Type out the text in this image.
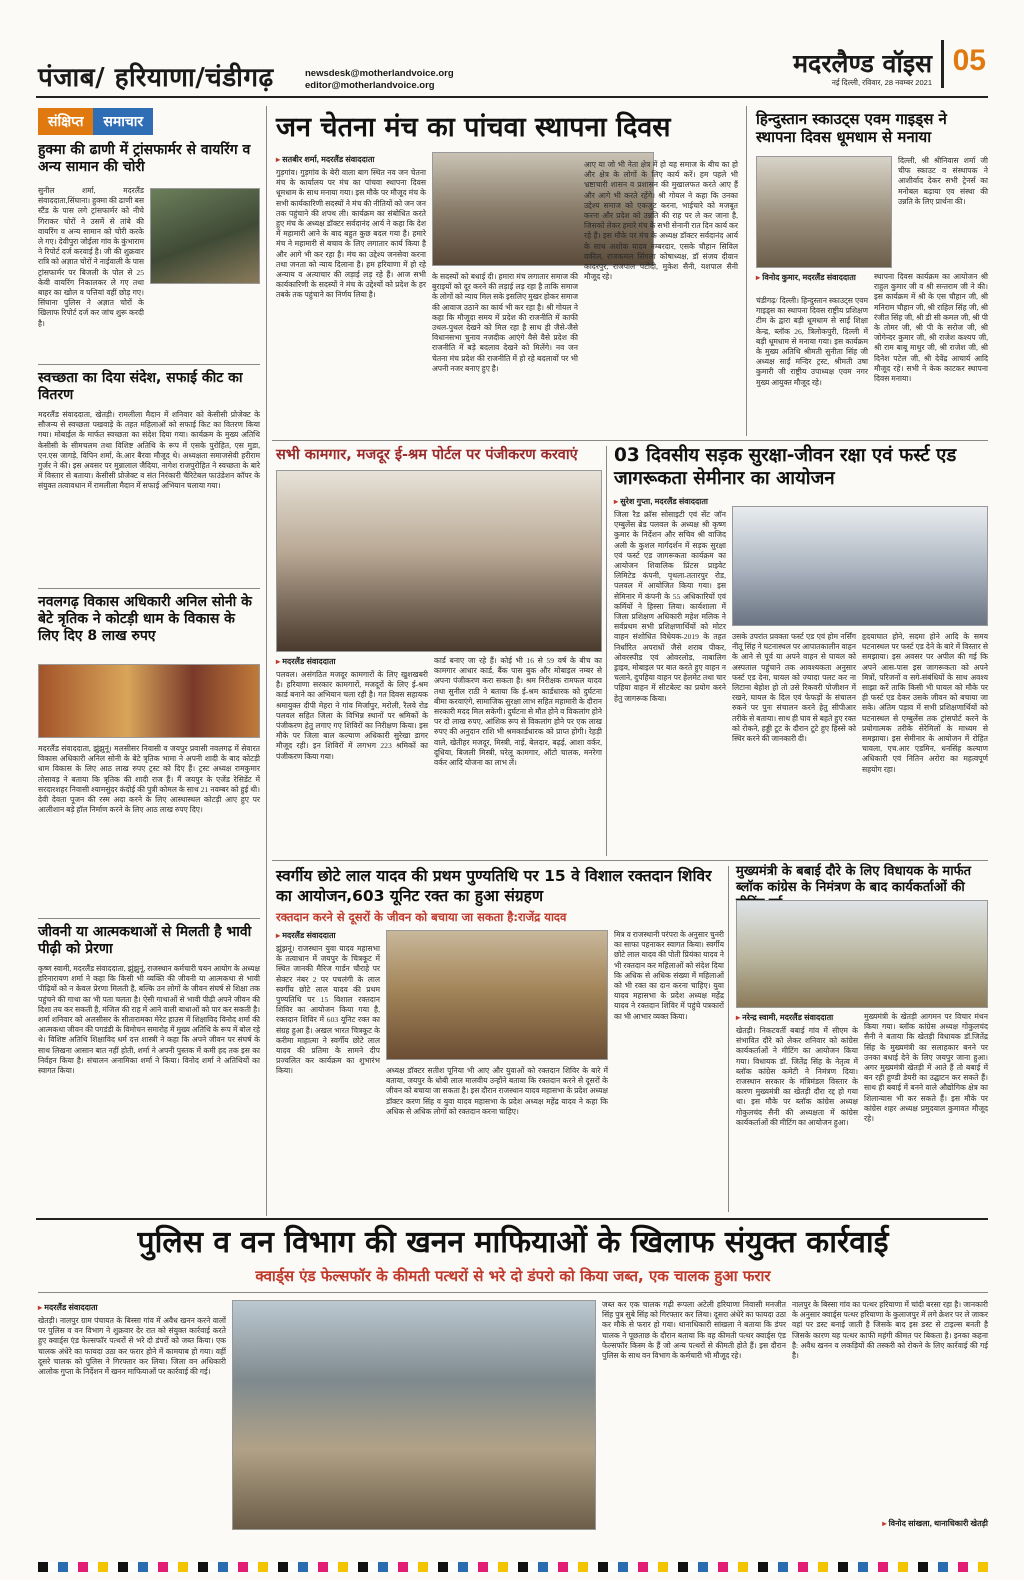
पंजाब/ हरियाणा/चंडीगढ़	newsdesk@motherlandvoice.org
editor@motherlandvoice.org
मदरलैण्ड वॉइस
नई दिल्ली, रविवार, 28 नवम्बर 2021
05
संक्षिप्त	समाचार
हुक्मा की ढाणी में ट्रांसफार्मर से वायरिंग व अन्य सामान की चोरी
सुनील शर्मा, मदरलैंड संवाददाता,सिंघाना। हुक्मा की ढाणी बस स्टैंड के पास लगे ट्रांसफार्मर को नीचे गिराकर चोरों ने उसमें से तांबे की वायरिंग व अन्य सामान को चोरी करके ले गए। देवीपुरा जोईला गांव के कुंभाराम ने रिपोर्ट दर्ज करवाई है। जी की शुक्रवार रात्रि को अज्ञात चोरों ने नाईवाली के पास ट्रांसफार्मर पर बिजली के पोल से 25 केवी वायरिंग निकालकर ले गए तथा बाहर का खोल व पत्तियां वहीं छोड़ गए। सिंघाना पुलिस ने अज्ञात चोरों के खिलाफ रिपोर्ट दर्ज कर जांच शुरू करदी है।
स्वच्छता का दिया संदेश, सफाई कीट का वितरण
मदरलैंड संवाददाता, खेतड़ी। रामलीला मैदान में शनिवार को केसीसी प्रोजेक्ट के सौजन्य से स्वच्छता पखवाड़े के तहत महिलाओं को सफाई किट का वितरण किया गया। मोबाईल के मार्फत स्वच्छता का संदेश दिया गया। कार्यक्रम के मुख्य अतिथि केसीसी के सीमचलम तथा विशिष्ट अतिथि के रूप में एसके पुरोहित, एस मुडा, एन.एस जागड़े, विपिन शर्मा, के.आर बैरवा मौजूद थे। अध्यक्षता समाजसेवी हरीराम गुर्जर ने की। इस अवसर पर मुन्नालाल जैदिया, नागेश राजपुरोहित ने स्वच्छता के बारे में विस्तार से बताया। केसीसी प्रोजेक्ट व संत निरंकारी चैरिटेबल फाउंडेशन कॉपर के संयुक्त तत्वावधान में रामलीला मैदान में सफाई अभियान चलाया गया।
नवलगढ़ विकास अधिकारी अनिल सोनी के बेटे त्रृतिक ने कोटड़ी धाम के विकास के लिए दिए 8 लाख रुपए
मदरलैंड संवाददाता, झुंझुनूं। मलसीसर निवासी व जयपुर प्रवासी नवलगढ़ में सेवारत विकास अधिकारी अनिल सोनी के बेटे त्रृतिक भामा ने अपनी शादी के बाद कोटड़ी धाम विकास के लिए आठ लाख रुपए ट्रस्ट को दिए हैं। ट्रस्ट अध्यक्ष रामकुमार तोसावड़ ने बताया कि त्रृतिक की शादी राज हैं। मैं जयपुर के एजेंड रेसिडेंट में सरदारशहर निवासी श्यामसुंदर कंदोई की पुत्री कोमल के साथ 21 नवम्बर को हुई थी। देवी देवता पूजन की रस्म अदा करने के लिए आस्थास्थल कोटड़ी आए हुए पर आलीशान बड़े हॉल निर्माण करने के लिए आठ लाख रुपए दिए।
जीवनी या आत्मकथाओं से मिलती है भावी पीढ़ी को प्रेरणा
कृष्ण स्वामी, मदरलैंड संवाददाता, झुंझुनूं, राजस्थान कर्मचारी चयन आयोग के अध्यक्ष हरिनारायण शर्मा ने कहा कि किसी भी व्यक्ति की जीवनी या आत्मकथा से भावी पीढ़ियों को न केवल प्रेरणा मिलती है, बल्कि उन लोगों के जीवन संघर्ष से शिक्षा तक पहुंचने की गाथा का भी पता चलता है। ऐसी गाथाओं से भावी पीढ़ी अपने जीवन की दिशा तय कर सकती है, मंजिल की राह में आने वाली बाधाओं को पार कर सकती है। शर्मा शनिवार को अलसीसर के सीतारामका मेरेट हाउस में शिक्षाविद विनोद शर्मा की आत्मकथा जीवन की पगडंडी के विमोचन समारोह में मुख्य अतिथि के रूप में बोल रहे थे। विशिष्ट अतिथि शिक्षाविद धर्म दत्त शास्त्री ने कहा कि अपने जीवन पर संघर्ष के साथ लिखना आसान बात नहीं होती, शर्मा ने अपनी पुस्तक में कमी हद तक इस का निर्वहन किया है। संचालन अनामिका शर्मा ने किया। विनोद शर्मा ने अतिथियों का स्वागत किया।
जन चेतना मंच का पांचवा स्थापना दिवस
▸ सतबीर शर्मा, मदरलैंड संवाददाता
गुड़गांव। गुड़गांव के बेरी वाला बाग स्थित नव जन चेतना मंच के कार्यालय पर मंच का पांचवा स्थापना दिवस धूमधाम के साथ मनाया गया। इस मौके पर मौजूद मंच के सभी कार्यकारिणी सदस्यों ने मंच की नीतियों को जन जन तक पहुंचाने की शपथ ली। कार्यक्रम का संबोधित करते हुए मंच के अध्यक्ष डॉक्टर सर्वदानंद आर्य ने कहा कि देश में महामारी आने के बाद बहुत कुछ बदल गया है। हमारे मंच ने महामारी से बचाव के लिए लगातार कार्य किया है और आगे भी कर रहा है। मंच का उद्देश्य जनसेवा करना तथा जनता को न्याय दिलाना है। हम हरियाणा में हो रहे अन्याय व अत्याचार की लड़ाई लड़ रहे हैं। आज सभी कार्यकारिणी के सदस्यों ने मंच के उद्देश्यों को प्रदेश के हर तबके तक पहुंचाने का निर्णय लिया है।
के सदस्यों को बधाई दी। हमारा मंच लगातार समाज की बुराइयों को दूर करने की लड़ाई लड़ रहा है ताकि समाज के लोगों को न्याय मिल सके इसलिए मुखर होकर समाज की आवाज उठाने का कार्य भी कर रहा है। श्री गोयल ने कहा कि मौजूदा समय में प्रदेश की राजनीति में काफी उथल-पुथल देखने को मिल रहा है साथ ही जैसे-जैसे विधानसभा चुनाव नजदीक आएंगे वैसे वैसे प्रदेश की राजनीति में बड़े बदलाव देखने को मिलेंगे। नव जन चेतना मंच प्रदेश की राजनीति में हो रहे बदलावों पर भी अपनी नजर बनाए हुए है।
आए या जो भी नेता क्षेत्र में हो यह समाज के बीच का हो और क्षेत्र के लोगों के लिए कार्य करें। हम पहले भी भ्रष्टाचारी शासन व प्रशासन की मुखालफत करते आए हैं और आगे भी करते रहेंगे। श्री गोयल ने कहा कि उनका उद्देश्य समाज को एकजुट करना, भाईचारे को मजबूत करना और प्रदेश को उन्नति की राह पर ले कर जाना है, जिसको लेकर हमारे मंच के सभी सेनानी रात दिन कार्य कर रहे हैं। इस मौके पर मंच के अध्यक्ष डॉक्टर सर्वदानंद आर्य के साथ अशोक यादव नम्बरदार, एसके चौहान सिविल वकील, राजकमल सिंगला कोषाध्यक्ष, डॉ संजय दीवान कादरपुर, राजपाल पटोदी, मुकेश सैनी, यशपाल सैनी मौजूद रहे।
हिन्दुस्तान स्काउट्स एवम गाइड्स ने स्थापना दिवस धूमधाम से मनाया
दिल्ली, श्री श्रीनिवास शर्मा जी चीफ स्काउट व संस्थापक ने आशीर्वाद देकर सभी ट्रेनर्स का मनोबल बढ़ाया एव संस्था की उन्नति के लिए प्रार्थना की।
▸ विनोद कुमार, मदरलैंड संवाददाता
चंडीगढ़/ दिल्ली। हिन्दुस्तान स्काउट्स एवम गाइड्स का स्थापना दिवस राष्ट्रीय प्रशिक्षण टीम के द्वारा बड़ी धूमधाम से साईं शिक्षा केन्द्र, ब्लॉक 26, त्रिलोकपुरी, दिल्ली में बड़ी धूमधाम से मनाया गया। इस कार्यक्रम के मुख्य अतिथि श्रीमती सुनीता सिंह जी अध्यक्ष साईं मन्दिर ट्रस्ट, श्रीमती उषा कुमारी जी राष्ट्रीय उपाध्यक्ष एवम नगर मुख्य आयुक्त मौजूद रहे।
स्थापना दिवस कार्यक्रम का आयोजन श्री राहुल कुमार जी व श्री सन्तराम जी ने की। इस कार्यक्रम में श्री के एस चौहान जी, श्री मनिराम चौहान जी, श्री राहिल सिंह जी, श्री रंजीत सिंह जी, श्री डी सी कमल जी, श्री पी के तोमर जी, श्री पी के सरोज जी, श्री जोगेन्दर कुमार जी, श्री राजेश कश्यप जी, श्री राम बाबू माथुर जी, श्री राजेश जी, श्री दिनेश पटेल जी, श्री देवेंद्र आचार्य आदि मौजूद रहे। सभी ने केक काटकर स्थापना दिवस मनाया।
सभी कामगार, मजदूर ई-श्रम पोर्टल पर पंजीकरण करवाएं
▸ मदरलैंड संवाददाता
पलवल। असंगठित मजदूर कामगारों के लिए खुशखबरी है। हरियाणा सरकार कामगारों, मजदूरों के लिए ई-श्रम कार्ड बनाने का अभियान चला रही है। गत दिवस सहायक श्रमायुक्त दीपी मेहरा ने गांव मिर्जापुर, मरोली, रैलवे रोड पलवल सहित जिला के विभिन्न स्थानों पर श्रमिकों के पंजीकरण हेतु लगाए गए शिविरों का निरीक्षण किया। इस मौके पर जिला बाल कल्याण अधिकारी सुरेखा डागर मौजूद रही। इन शिविरों में लगभग 223 श्रमिकों का पंजीकरण किया गया।
कार्ड बनाए जा रहे हैं। कोई भी 16 से 59 वर्ष के बीच का कामगार आधार कार्ड, बैंक पास बुक और मोबाइल नम्बर से अपना पंजीकरण करा सकता है। श्रम निरीक्षक रामफल यादव तथा सुनील राठी ने बताया कि ई-श्रम कार्डधारक को दुर्घटना बीमा करवाएंगे, सामाजिक सुरक्षा लाभ सहित महामारी के दौरान सरकारी मदद मिल सकेगी। दुर्घटना से मौत होने व विकलांग होने पर दो लाख रुपए, आंशिक रूप से विकलांग होने पर एक लाख रुपए की अनुदान राशि भी श्रमकार्डधारक को प्राप्त होगी। रेहड़ी वाले, खेतीहर मजदूर, मिस्त्री, नाई, बेलदार, बढ़ई, आशा वर्कर, दूधिया, बिजली मिस्त्री, घरेलू कामगार, ऑटो चालक, मनरेगा वर्कर आदि योजना का लाभ लें।
03 दिवसीय सड़क सुरक्षा-जीवन रक्षा एवं फर्स्ट एड जागरूकता सेमीनार का आयोजन
▸ सुरेश गुप्ता, मदरलैंड संवाददाता
जिला रैड क्रॉस सोसाइटी एवं सेंट जॉन एम्बुलेंस ब्रेड पलवल के अध्यक्ष श्री कृष्ण कुमार के निर्देशन और सचिव श्री वाजिद अली के कुशल मार्गदर्शन में सड़क सुरक्षा एवं फर्स्ट एड जागरूकता कार्यक्रम का आयोजन शिवालिक प्रिंटस प्राइवेट लिमिटेड कंपनी, पृथला-ततारपुर रोड, पलवल में आयोजित किया गया। इस सेमिनार में कंपनी के 55 अधिकारियों एवं कर्मियों ने हिस्सा लिया। कार्यशाला में जिला प्रशिक्षण अधिकारी महेश मलिक ने सर्वप्रथम सभी प्रशिक्षणार्थियों को मोटर वाहन संशोधित विधेयक-2019 के तहत निर्धारित अपराधों जैसे शराब पीकर, ओवरस्पीड एवं ओवरलोड, नाबालिग ड्राइव, मोबाइल पर बात करते हुए वाहन न चलाने, दुपहिया वाहन पर हेलमेट तथा चार पहिया वाहन में सीटबेल्ट का प्रयोग करने हेतु जागरूक किया।
उसके उपरांत प्रवक्ता फर्स्ट एड एवं होम नर्सिंग नीतू सिंह ने घटनास्थल पर आपातकालीन वाहन के आने से पूर्व या अपने वाहन से घायल को अस्पताल पहुंचाने तक आवश्यकता अनुसार फर्स्ट एड देना, घायल को ज्यादा पलट कर ना लिटाना बेहोश हो तो उसे रिकवरी पोजीशन में रखने, घायल के दिल एवं फेफड़ों के संचालन रुकने पर पुनः संचालन करने हेतु सीपीआर तरीके से बताया। साथ ही घाव से बहते हुए रक्त को रोकने, हड्डी टूट के दौरान टूटे हुए हिस्से को स्थिर करने की जानकारी दी।
हृदयाघात होने, सदमा होने आदि के समय घटनास्थल पर फर्स्ट एड देने के बारे में विस्तार से समझाया। इस अवसर पर अपील की गई कि अपने आस-पास इस जागरूकता को अपने मित्रों, परिजनों व सगे-संबंधियों के साथ अवश्य साझा करें ताकि किसी भी घायल को मौके पर ही फर्स्ट एड देकर उसके जीवन को बचाया जा सके। अंतिम पड़ाव में सभी प्रशिक्षणार्थियों को घटनास्थल से एम्बुलेंस तक ट्रांसपोर्ट करने के प्रयोगात्मक तरीके सेरेमिलों के माध्यम से समझाया। इस सेमीनार के आयोजन में रोहित चावला, एच.आर एडमिन, धनसिंह कल्याण अधिकारी एवं नितिन अरोरा का महत्वपूर्ण सहयोग रहा।
स्वर्गीय छोटे लाल यादव की प्रथम पुण्यतिथि पर 15 वे विशाल रक्तदान शिविर का आयोजन,603 यूनिट रक्त का हुआ संग्रहण
रक्तदान करने से दूसरों के जीवन को बचाया जा सकता है:राजेंद्र यादव
▸ मदरलैंड संवाददाता
झुंझनूं। राजस्थान युवा यादव महासभा के तत्वाधान में जयपुर के चित्रकूट में स्थित जानकी मैरिज गार्डन चौराहे पर सेक्टर नंबर 2 पर पचलंगी के लाल स्वर्गीय छोटे लाल यादव की प्रथम पुण्यतिथि पर 15 विशाल रक्तदान शिविर का आयोजन किया गया है, रक्तदान शिविर में 603 यूनिट रक्त का संग्रह हुआ है। अखल भारत चित्रकूट के करीमा माहात्मा ने स्वर्गीय छोटे लाल यादव की प्रतिमा के सामने दीप प्रज्वलित कर कार्यक्रम का शुभारंभ किया।	अध्यक्ष डॉक्टर सतीश पूनिया भी आए और युवाओं को रक्तदान शिविर के बारे में बताया, जयपुर के धोबी लाल मालवीय उन्होंने बताया कि रक्तदान करने से दूसरों के जीवन को बचाया जा सकता है। इस दौरान राजस्थान यादव महासभा के प्रदेश अध्यक्ष डॉक्टर करण सिंह व युवा यादव महासभा के प्रदेश अध्यक्ष महेंद्र यादव ने कहा कि अधिक से अधिक लोगों को रक्तदान करना चाहिए।
मित्र व राजस्थानी परंपरा के अनुसार चुनरी का साफा पहनाकर स्वागत किया। स्वर्गीय छोटे लाल यादव की पोती प्रियंका यादव ने भी रक्तदान कर महिलाओं को संदेश दिया कि अधिक से अधिक संख्या में महिलाओं को भी रक्त का दान करना चाहिए। युवा यादव महासभा के प्रदेश अध्यक्ष महेंद्र यादव ने रक्तदान शिविर में पहुंचे पत्रकारों का भी आभार व्यक्त किया।
मुख्यमंत्री के बबाई दौरे के लिए विधायक के मार्फत ब्लॉक कांग्रेस के निमंत्रण के बाद कार्यकर्ताओं की
▸ नरेन्द्र स्वामी, मदरलैंड संवाददाता
खेतड़ी। निकटवर्ती बबाई गांव में सीएम के संभावित दौरे को लेकर शनिवार को कांग्रेस कार्यकर्ताओं ने मीटिंग का आयोजन किया गया। विधायक डॉ. जितेंद्र सिंह के नेतृत्व में ब्लॉक कांग्रेस कमेटी ने निमंत्रण दिया। राजस्थान सरकार के मंत्रिमंडल विस्तार के कारण मुख्यमंत्री का खेतड़ी दौरा रद्द हो गया था। इस मौके पर ब्लॉक कांग्रेस अध्यक्ष गोकुलचंद सैनी की अध्यक्षता में कांग्रेस कार्यकर्ताओं की मीटिंग का आयोजन हुआ।
मुख्यमंत्री के खेतड़ी आगमन पर विचार मंथन किया गया। ब्लॉक कांग्रेस अध्यक्ष गोकुलचंद सैनी ने बताया कि खेतड़ी विधायक डॉ.जितेंद्र सिंह के मुख्यमंत्री का सलाहकार बनने पर उनका बधाई देने के लिए जयपुर जाना हुआ। अगर मुख्यमंत्री खेतड़ी में आते हैं तो बबाई में बन रही हुण्डी डेयरी का उद्घाटन कर सकते हैं। साथ ही बबाई में बनने वाले औद्योगिक क्षेत्र का शिलान्यास भी कर सकते हैं। इस मौके पर कांग्रेस शहर अध्यक्ष प्रमुदयाल कुमावत मौजूद रहे।
पुलिस व वन विभाग की खनन माफियाओं के खिलाफ संयुक्त कार्रवाई
क्वार्ड्स एंड फेल्सफॉर के कीमती पत्थरों से भरे दो डंपरो को किया जब्त, एक चालक हुआ फरार
▸ मदरलैंड संवाददाता
खेतड़ी। नालपुर ग्राम पंचायत के बिस्सा गांव में अवैध खनन करने वालों पर पुलिस व वन विभाग ने शुक्रवार देर रात को संयुक्त कार्रवाई करते हुए क्वार्ड्स एंड फेल्सफॉर पत्थरों से भरे दो डंपरों को जब्त किया। एक चालक अंधेरे का फायदा उठा कर फरार होने में कामयाब हो गया। वहीं दूसरे चालक को पुलिस ने गिरफ्तार कर लिया। जिला वन अधिकारी आलोक गुप्ता के निर्देशन में खनन माफियाओं पर कार्रवाई की गई।
जब्त कर एक चालक गढ़ी रूपला अटेली हरियाणा निवासी मनजीत सिंह पुत्र सुबे सिंह को गिरफ्तार कर लिया। दूसरा अंधेरे का फायदा उठा कर मौके से फरार हो गया। थानाधिकारी सांखला ने बताया कि डंपर चालक ने पूछताछ के दौरान बताया कि वह कीमती पत्थर क्वार्ड्स एंड फेल्सफॉर किस्म के हैं जो अन्य पत्थरों से कीमती होते हैं। इस दौरान पुलिस के साथ वन विभाग के कर्मचारी भी मौजूद रहे।
नालपुर के बिस्सा गांव का पत्थर हरियाणा में चांदी बरसा रहा है। जानकारी के अनुसार क्वार्ड्स पत्थर हरियाणा के कुलाजपुर में लगे क्रेशर पर ले जाकर वहां पर डस्ट बनाई जाती है जिसके बाद इस डस्ट से टाइल्स बनती है जिसके कारण यह पत्थर काफी महंगी कीमत पर बिकता है। इनका कहना है: अवैध खनन व लकड़ियों की तस्करी को रोकने के लिए कार्रवाई की गई है।
▸ विनोद सांखला, थानाधिकारी खेतड़ी
